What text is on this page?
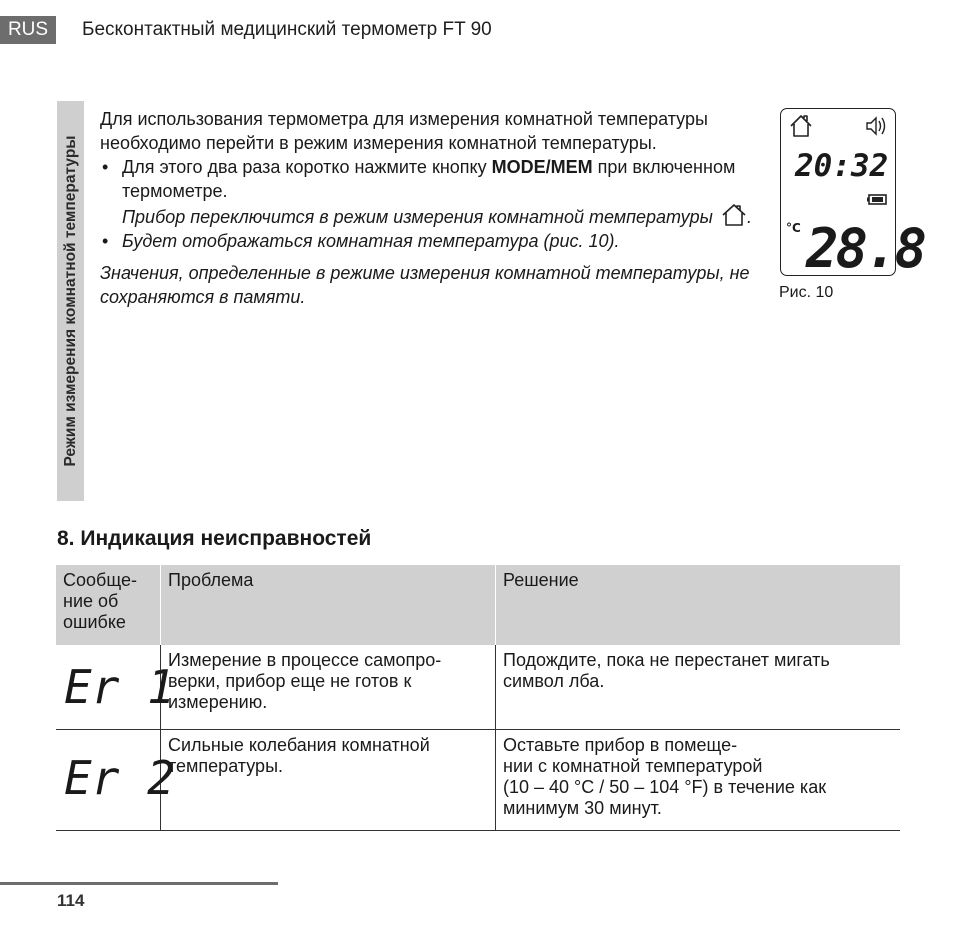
RUS	Бесконтактный медицинский термометр FT 90
Режим измерения комнатной температуры

Для использования термометра для измерения комнатной температуры необходимо перейти в режим измерения комнатной температуры.

• Для этого два раза коротко нажмите кнопку MODE/MEM при включенном термометре.

Прибор переключится в режим измерения комнатной температуры .

• Будет отображаться комнатная температура (рис. 10).

Значения, определенные в режиме измерения комнатной температуры, не сохраняются в памяти.

20:32
°C 28.8
Рис. 10
8. Индикация неисправностей
Сообще-
ние об
ошибке
Проблема	Решение
Er 1
Измерение в процессе самопро-
верки, прибор еще не готов к
измерению.
Подождите, пока не перестанет мигать
символ лба.
Er 2
Сильные колебания комнатной
температуры.
Оставьте прибор в помеще-
нии с комнатной температурой
(10 – 40 °C / 50 – 104 °F) в течение как
минимум 30 минут.
114
